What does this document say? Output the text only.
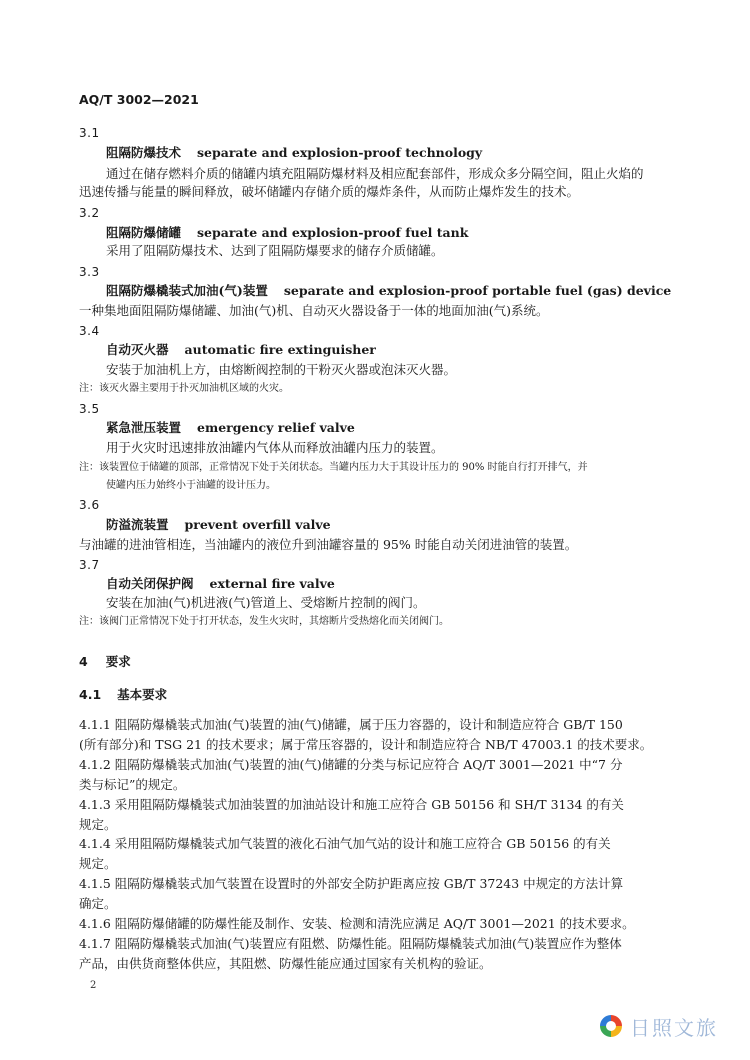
AQ/T 3002—2021
3.1
阻隔防爆技术 separate and explosion-proof technology
通过在储存燃料介质的储罐内填充阻隔防爆材料及相应配套部件，形成众多分隔空间，阻止火焰的
迅速传播与能量的瞬间释放，破坏储罐内存储介质的爆炸条件，从而防止爆炸发生的技术。
3.2
阻隔防爆储罐 separate and explosion-proof fuel tank
采用了阻隔防爆技术、达到了阻隔防爆要求的储存介质储罐。
3.3
阻隔防爆橇装式加油(气)装置 separate and explosion-proof portable fuel (gas) device
一种集地面阻隔防爆储罐、加油(气)机、自动灭火器设备于一体的地面加油(气)系统。
3.4
自动灭火器 automatic fire extinguisher
安装于加油机上方，由熔断阀控制的干粉灭火器或泡沫灭火器。
注：该灭火器主要用于扑灭加油机区域的火灾。
3.5
紧急泄压装置 emergency relief valve
用于火灾时迅速排放油罐内气体从而释放油罐内压力的装置。
注：该装置位于储罐的顶部，正常情况下处于关闭状态。当罐内压力大于其设计压力的 90% 时能自行打开排气，并
使罐内压力始终小于油罐的设计压力。
3.6
防溢流装置 prevent overfill valve
与油罐的进油管相连，当油罐内的液位升到油罐容量的 95% 时能自动关闭进油管的装置。
3.7
自动关闭保护阀 external fire valve
安装在加油(气)机进液(气)管道上、受熔断片控制的阀门。
注：该阀门正常情况下处于打开状态，发生火灾时，其熔断片受热熔化而关闭阀门。
4 要求
4.1 基本要求
4.1.1 阻隔防爆橇装式加油(气)装置的油(气)储罐，属于压力容器的，设计和制造应符合 GB/T 150
(所有部分)和 TSG 21 的技术要求；属于常压容器的，设计和制造应符合 NB/T 47003.1 的技术要求。
4.1.2 阻隔防爆橇装式加油(气)装置的油(气)储罐的分类与标记应符合 AQ/T 3001—2021 中“7 分
类与标记”的规定。
4.1.3 采用阻隔防爆橇装式加油装置的加油站设计和施工应符合 GB 50156 和 SH/T 3134 的有关
规定。
4.1.4 采用阻隔防爆橇装式加气装置的液化石油气加气站的设计和施工应符合 GB 50156 的有关
规定。
4.1.5 阻隔防爆橇装式加气装置在设置时的外部安全防护距离应按 GB/T 37243 中规定的方法计算
确定。
4.1.6 阻隔防爆储罐的防爆性能及制作、安装、检测和清洗应满足 AQ/T 3001—2021 的技术要求。
4.1.7 阻隔防爆橇装式加油(气)装置应有阻燃、防爆性能。阻隔防爆橇装式加油(气)装置应作为整体
产品，由供货商整体供应，其阻燃、防爆性能应通过国家有关机构的验证。
2
日照文旅
